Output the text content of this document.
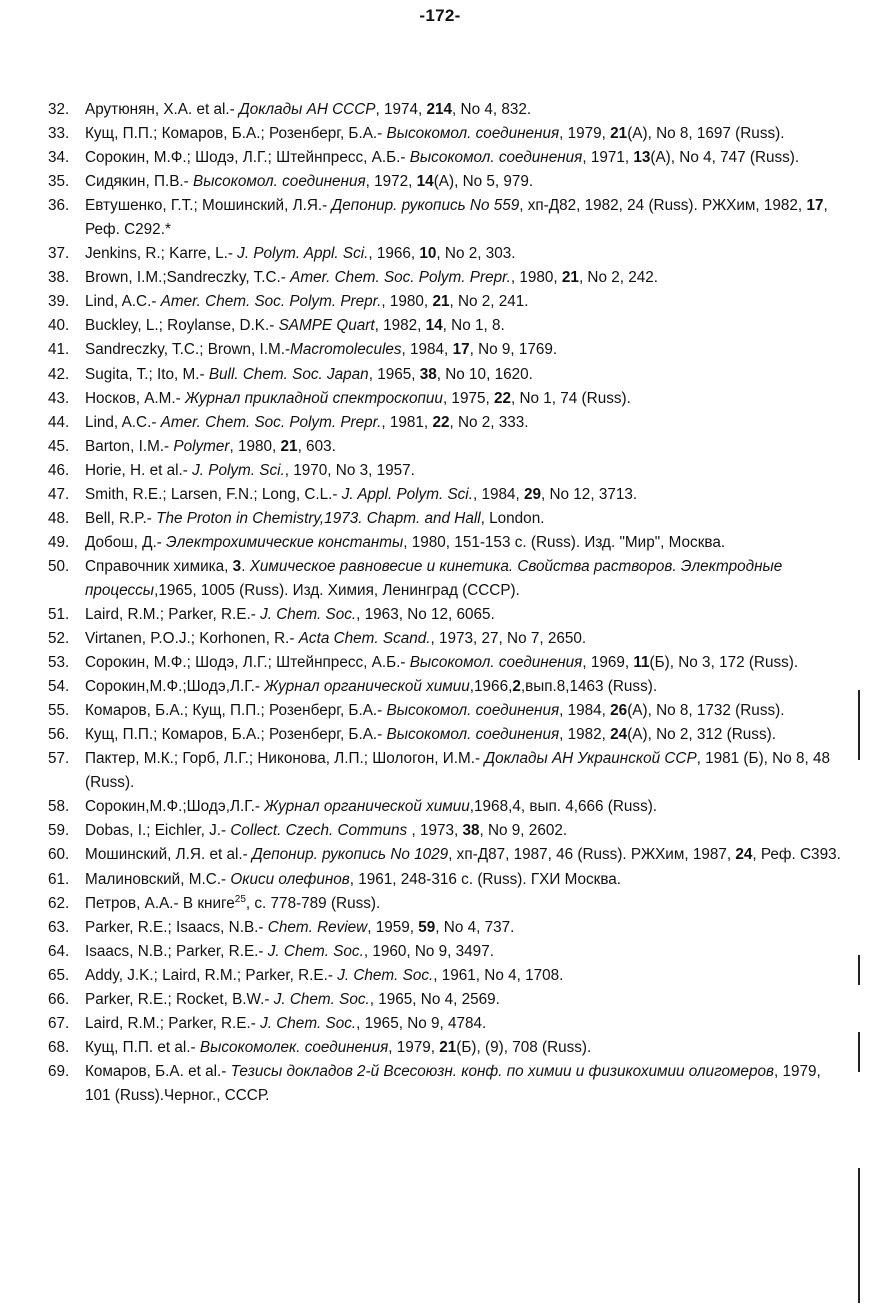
-172-
32. Арутюнян, Х.А. et al.- Доклады АН СССР, 1974, 214, No 4, 832.
33. Кущ, П.П.; Комаров, Б.А.; Розенберг, Б.А.- Высокомол. соединения, 1979, 21(А), No 8, 1697 (Russ).
34. Сорокин, М.Ф.; Шодэ, Л.Г.; Штейнпресс, А.Б.- Высокомол. соединения, 1971, 13(А), No 4, 747 (Russ).
35. Сидякин, П.В.- Высокомол. соединения, 1972, 14(А), No 5, 979.
36. Евтушенко, Г.Т.; Мошинский, Л.Я.- Депонир. рукопись No 559, хп-Д82, 1982, 24 (Russ). РЖХим, 1982, 17, Реф. С292.*
37. Jenkins, R.; Karre, L.- J. Polym. Appl. Sci., 1966, 10, No 2, 303.
38. Brown, I.M.;Sandreczky, T.C.- Amer. Chem. Soc. Polym. Prepr., 1980, 21, No 2, 242.
39. Lind, A.C.- Amer. Chem. Soc. Polym. Prepr., 1980, 21, No 2, 241.
40. Buckley, L.; Roylanse, D.K.- SAMPE Quart, 1982, 14, No 1, 8.
41. Sandreczky, T.C.; Brown, I.M.-Macromolecules, 1984, 17, No 9, 1769.
42. Sugita, T.; Ito, M.- Bull. Chem. Soc. Japan, 1965, 38, No 10, 1620.
43. Носков, А.М.- Журнал прикладной спектроскопии, 1975, 22, No 1, 74 (Russ).
44. Lind, A.C.- Amer. Chem. Soc. Polym. Prepr., 1981, 22, No 2, 333.
45. Barton, I.M.- Polymer, 1980, 21, 603.
46. Horie, H. et al.- J. Polym. Sci., 1970, No 3, 1957.
47. Smith, R.E.; Larsen, F.N.; Long, C.L.- J. Appl. Polym. Sci., 1984, 29, No 12, 3713.
48. Bell, R.P.- The Proton in Chemistry,1973. Chapm. and Hall, London.
49. Добош, Д.- Электрохимические константы, 1980, 151-153 с. (Russ). Изд. "Мир", Москва.
50. Справочник химика, 3. Химическое равновесие и кинетика. Свойства растворов. Электродные процессы,1965, 1005 (Russ). Изд. Химия, Ленинград (СССР).
51. Laird, R.M.; Parker, R.E.- J. Chem. Soc., 1963, No 12, 6065.
52. Virtanen, P.O.J.; Korhonen, R.- Acta Chem. Scand., 1973, 27, No 7, 2650.
53. Сорокин, М.Ф.; Шодэ, Л.Г.; Штейнпресс, А.Б.- Высокомол. соединения, 1969, 11(Б), No 3, 172 (Russ).
54. Сорокин,М.Ф.;Шодэ,Л.Г.- Журнал органической химии,1966,2,вып.8,1463 (Russ).
55. Комаров, Б.А.; Кущ, П.П.; Розенберг, Б.А.- Высокомол. соединения, 1984, 26(А), No 8, 1732 (Russ).
56. Кущ, П.П.; Комаров, Б.А.; Розенберг, Б.А.- Высокомол. соединения, 1982, 24(А), No 2, 312 (Russ).
57. Пактер, М.К.; Горб, Л.Г.; Никонова, Л.П.; Шологон, И.М.- Доклады АН Украинской ССР, 1981 (Б), No 8, 48 (Russ).
58. Сорокин,М.Ф.;Шодэ,Л.Г.- Журнал органической химии,1968,4, вып. 4,666 (Russ).
59. Dobas, I.; Eichler, J.- Collect. Czech. Communs , 1973, 38, No 9, 2602.
60. Мошинский, Л.Я. et al.- Депонир. рукопись No 1029, хп-Д87, 1987, 46 (Russ). РЖХим, 1987, 24, Реф. С393.
61. Малиновский, М.С.- Окиси олефинов, 1961, 248-316 с. (Russ). ГХИ Москва.
62. Петров, А.А.- В книге$^{25}$, с. 778-789 (Russ).
63. Parker, R.E.; Isaacs, N.B.- Chem. Review, 1959, 59, No 4, 737.
64. Isaacs, N.B.; Parker, R.E.- J. Chem. Soc., 1960, No 9, 3497.
65. Addy, J.K.; Laird, R.M.; Parker, R.E.- J. Chem. Soc., 1961, No 4, 1708.
66. Parker, R.E.; Rocket, B.W.- J. Chem. Soc., 1965, No 4, 2569.
67. Laird, R.M.; Parker, R.E.- J. Chem. Soc., 1965, No 9, 4784.
68. Кущ, П.П. et al.- Высокомолек. соединения, 1979, 21(Б), (9), 708 (Russ).
69. Комаров, Б.А. et al.- Тезисы докладов 2-й Всесоюзн. конф. по химии и физикохимии олигомеров, 1979, 101 (Russ).Черног., СССР.
